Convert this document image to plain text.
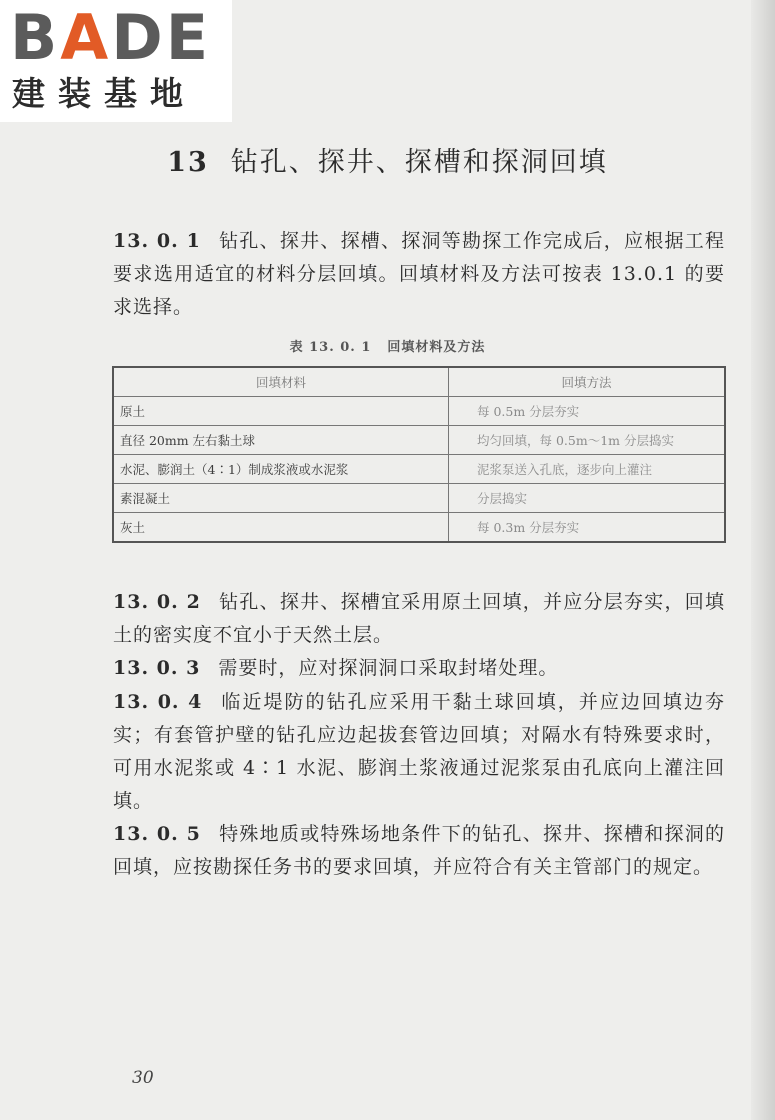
BADE
建装基地
13 钻孔、探井、探槽和探洞回填
13. 0. 1 钻孔、探井、探槽、探洞等勘探工作完成后，应根据工程要求选用适宜的材料分层回填。回填材料及方法可按表 13.0.1 的要求选择。
表 13. 0. 1 回填材料及方法
回填材料	回填方法
原土	每 0.5m 分层夯实
直径 20mm 左右黏土球	均匀回填，每 0.5m～1m 分层捣实
水泥、膨润土（4∶1）制成浆液或水泥浆	泥浆泵送入孔底，逐步向上灌注
素混凝土	分层捣实
灰土	每 0.3m 分层夯实
13. 0. 2 钻孔、探井、探槽宜采用原土回填，并应分层夯实，回填土的密实度不宜小于天然土层。
13. 0. 3 需要时，应对探洞洞口采取封堵处理。
13. 0. 4 临近堤防的钻孔应采用干黏土球回填，并应边回填边夯实；有套管护壁的钻孔应边起拔套管边回填；对隔水有特殊要求时，可用水泥浆或 4∶1 水泥、膨润土浆液通过泥浆泵由孔底向上灌注回填。
13. 0. 5 特殊地质或特殊场地条件下的钻孔、探井、探槽和探洞的回填，应按勘探任务书的要求回填，并应符合有关主管部门的规定。
30
